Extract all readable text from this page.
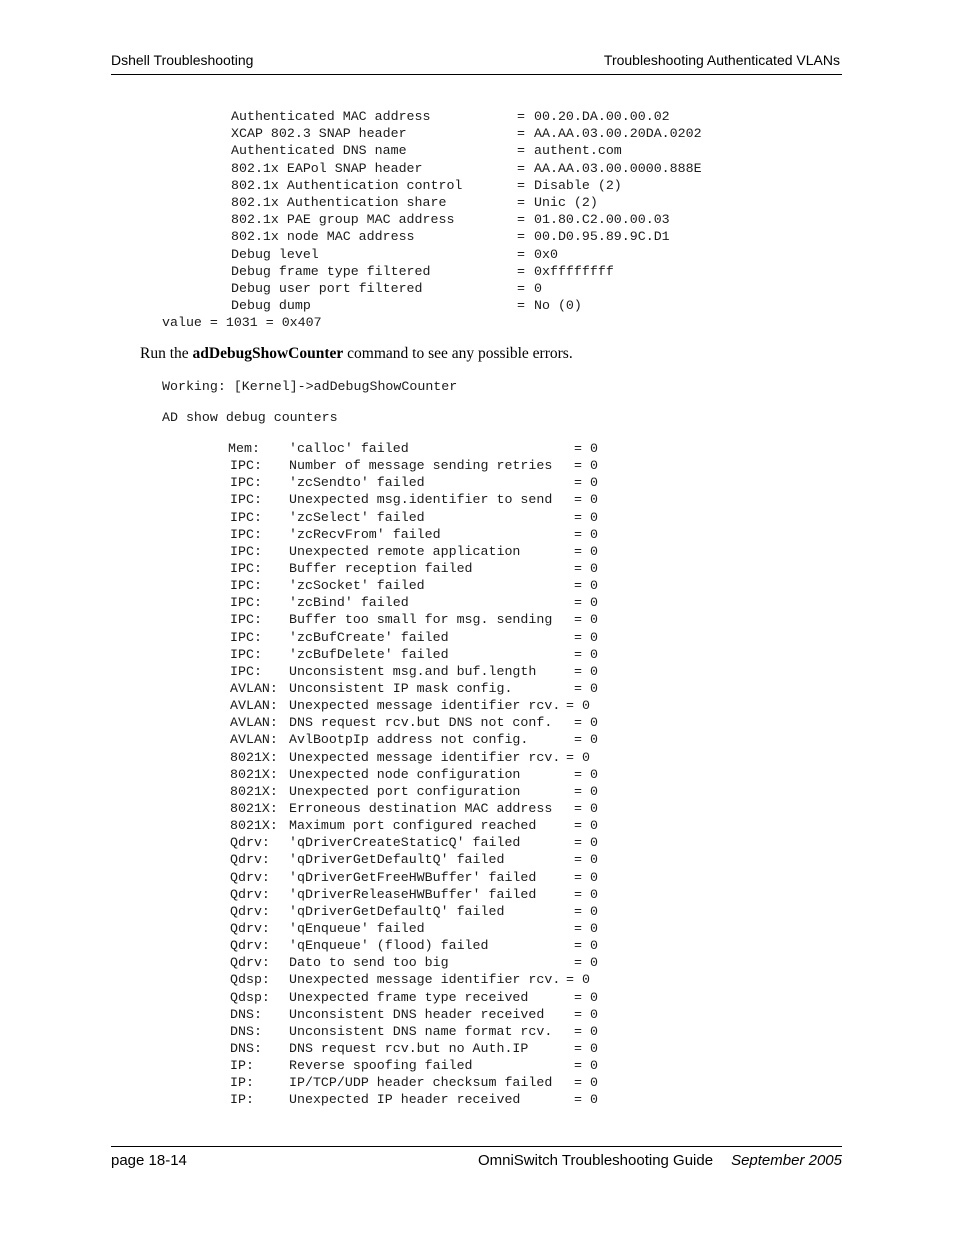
Dshell Troubleshooting	Troubleshooting Authenticated VLANs
Authenticated MAC address	= 00.20.DA.00.00.02
XCAP 802.3 SNAP header	= AA.AA.03.00.20DA.0202
Authenticated DNS name	= authent.com
802.1x EAPol SNAP header	= AA.AA.03.00.0000.888E
802.1x Authentication control	= Disable (2)
802.1x Authentication share	= Unic (2)
802.1x PAE group MAC address	= 01.80.C2.00.00.03
802.1x node MAC address	= 00.D0.95.89.9C.D1
Debug level	= 0x0
Debug frame type filtered	= 0xffffffff
Debug user port filtered	= 0
Debug dump	= No (0)
value = 1031 = 0x407
Run the adDebugShowCounter command to see any possible errors.
Working: [Kernel]->adDebugShowCounter
AD show debug counters
Mem: 'calloc' failed	= 0
IPC: Number of message sending retries = 0
IPC: 'zcSendto' failed	= 0
IPC: Unexpected msg.identifier to send = 0
IPC: 'zcSelect' failed	= 0
IPC: 'zcRecvFrom' failed	= 0
IPC: Unexpected remote application	= 0
IPC: Buffer reception failed	= 0
IPC: 'zcSocket' failed	= 0
IPC: 'zcBind' failed	= 0
IPC: Buffer too small for msg. sending = 0
IPC: 'zcBufCreate' failed	= 0
IPC: 'zcBufDelete' failed	= 0
IPC: Unconsistent msg.and buf.length	= 0
AVLAN: Unconsistent IP mask config.	= 0
AVLAN: Unexpected message identifier rcv. = 0
AVLAN: DNS request rcv.but DNS not conf. = 0
AVLAN: AvlBootpIp address not config.	= 0
8021X: Unexpected message identifier rcv. = 0
8021X: Unexpected node configuration	= 0
8021X: Unexpected port configuration	= 0
8021X: Erroneous destination MAC address = 0
8021X: Maximum port configured reached	= 0
Qdrv: 'qDriverCreateStaticQ' failed	= 0
Qdrv: 'qDriverGetDefaultQ' failed	= 0
Qdrv: 'qDriverGetFreeHWBuffer' failed	= 0
Qdrv: 'qDriverReleaseHWBuffer' failed	= 0
Qdrv: 'qDriverGetDefaultQ' failed	= 0
Qdrv: 'qEnqueue' failed	= 0
Qdrv: 'qEnqueue' (flood) failed	= 0
Qdrv: Dato to send too big	= 0
Qdsp: Unexpected message identifier rcv. = 0
Qdsp: Unexpected frame type received	= 0
DNS: Unconsistent DNS header received = 0
DNS: Unconsistent DNS name format rcv. = 0
DNS: DNS request rcv.but no Auth.IP	= 0
IP:	Reverse spoofing failed	= 0
IP:	IP/TCP/UDP header checksum failed = 0
IP:	Unexpected IP header received	= 0
page 18-14	OmniSwitch Troubleshooting Guide September 2005
